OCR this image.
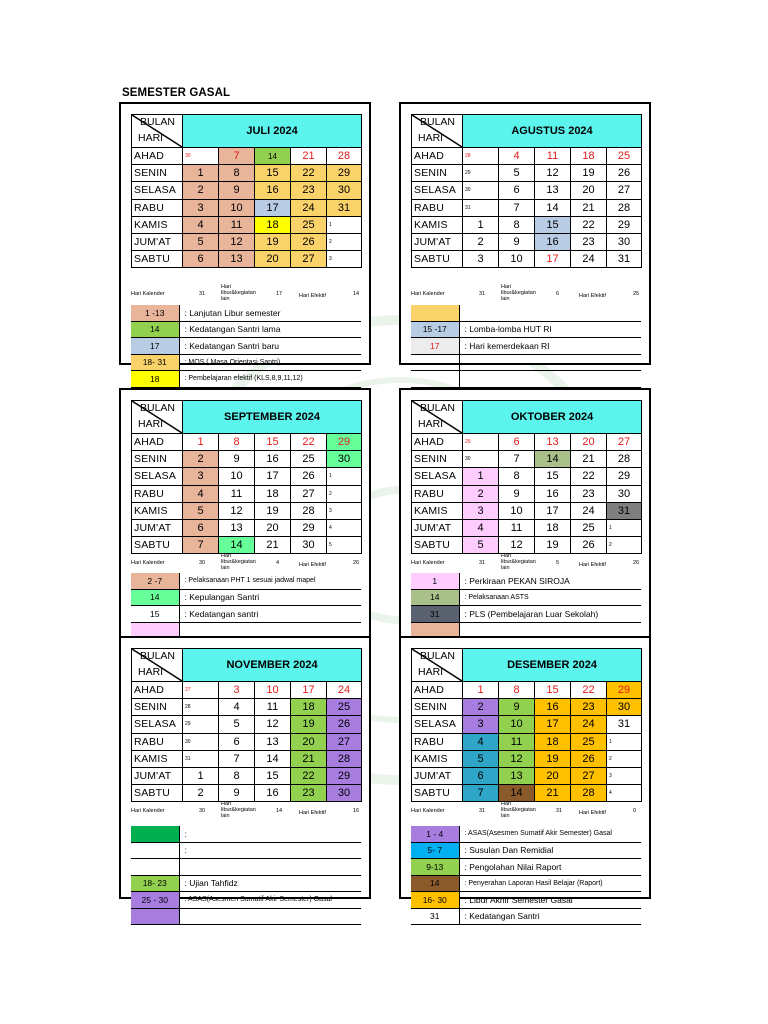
SEMESTER GASAL
BULAN
HARI	JULI 2024				
AHAD	30	7	14	21	28
SENIN	1	8	15	22	29
SELASA	2	9	16	23	30
RABU	3	10	17	24	31
KAMIS	4	11	18	25	1
JUM'AT	5	12	19	26	2
SABTU	6	13	20	27	3
Hari Kalender	31
Hari libur&kegiatan lain
17	Hari Efektif	14
1 -13	: Lanjutan Libur semester
14	: Kedatangan Santri lama
17	: Kedatangan Santri baru
18- 31	: MOS ( Masa Orientasi Santri)
18	: Pembelajaran efektif (KLS,8,9,11,12)
BULAN
HARI	AGUSTUS 2024				
AHAD	28	4	11	18	25
SENIN	29	5	12	19	26
SELASA	30	6	13	20	27
RABU	31	7	14	21	28
KAMIS	1	8	15	22	29
JUM'AT	2	9	16	23	30
SABTU	3	10	17	24	31
Hari Kalender	31
Hari libur&kegiatan lain
6	Hari Efektif	25

15 -17	: Lomba-lomba HUT RI
17	: Hari kemerdekaan RI

BULAN
HARI	SEPTEMBER 2024				
AHAD	1	8	15	22	29
SENIN	2	9	16	25	30
SELASA	3	10	17	26	1
RABU	4	11	18	27	2
KAMIS	5	12	19	28	3
JUM'AT	6	13	20	29	4
SABTU	7	14	21	30	5
Hari Kalender	30
Hari libur&kegiatan lain
4	Hari Efektif	26
2 -7	: Pelaksanaan PHT 1 sesuai jadwal mapel
14	: Kepulangan Santri
15	: Kedatangan santri

BULAN
HARI	OKTOBER 2024				
AHAD	29	6	13	20	27
SENIN	30	7	14	21	28
SELASA	1	8	15	22	29
RABU	2	9	16	23	30
KAMIS	3	10	17	24	31
JUM'AT	4	11	18	25	1
SABTU	5	12	19	26	2
Hari Kalender	31
Hari libur&kegiatan lain
5	Hari Efektif	26
1	: Perkiraan PEKAN SIROJA
14	: Pelaksanaan ASTS
31	: PLS (Pembelajaran Luar Sekolah)

BULAN
HARI	NOVEMBER 2024				
AHAD	27	3	10	17	24
SENIN	28	4	11	18	25
SELASA	29	5	12	19	26
RABU	30	6	13	20	27
KAMIS	31	7	14	21	28
JUM'AT	1	8	15	22	29
SABTU	2	9	16	23	30
Hari Kalender	30
Hari libur&kegiatan lain
14	Hari Efektif	16
	:
	:

18- 23	: Ujian Tahfidz
25 - 30	: ASAS(Asesmen Sumatif Akir Semester) Gasal

BULAN
HARI	DESEMBER 2024				
AHAD	1	8	15	22	29
SENIN	2	9	16	23	30
SELASA	3	10	17	24	31
RABU	4	11	18	25	1
KAMIS	5	12	19	26	2
JUM'AT	6	13	20	27	3
SABTU	7	14	21	28	4
Hari Kalender	31
Hari libur&kegiatan lain
31	Hari Efektif	0
1 - 4	: ASAS(Asesmen Sumatif Akir Semester) Gasal
5- 7	: Susulan Dan Remidial
9-13	: Pengolahan Nilai Raport
14	: Penyerahan Laporan Hasil Belajar (Raport)
16- 30	: Libur Akhir Semester Gasal
31	: Kedatangan Santri
